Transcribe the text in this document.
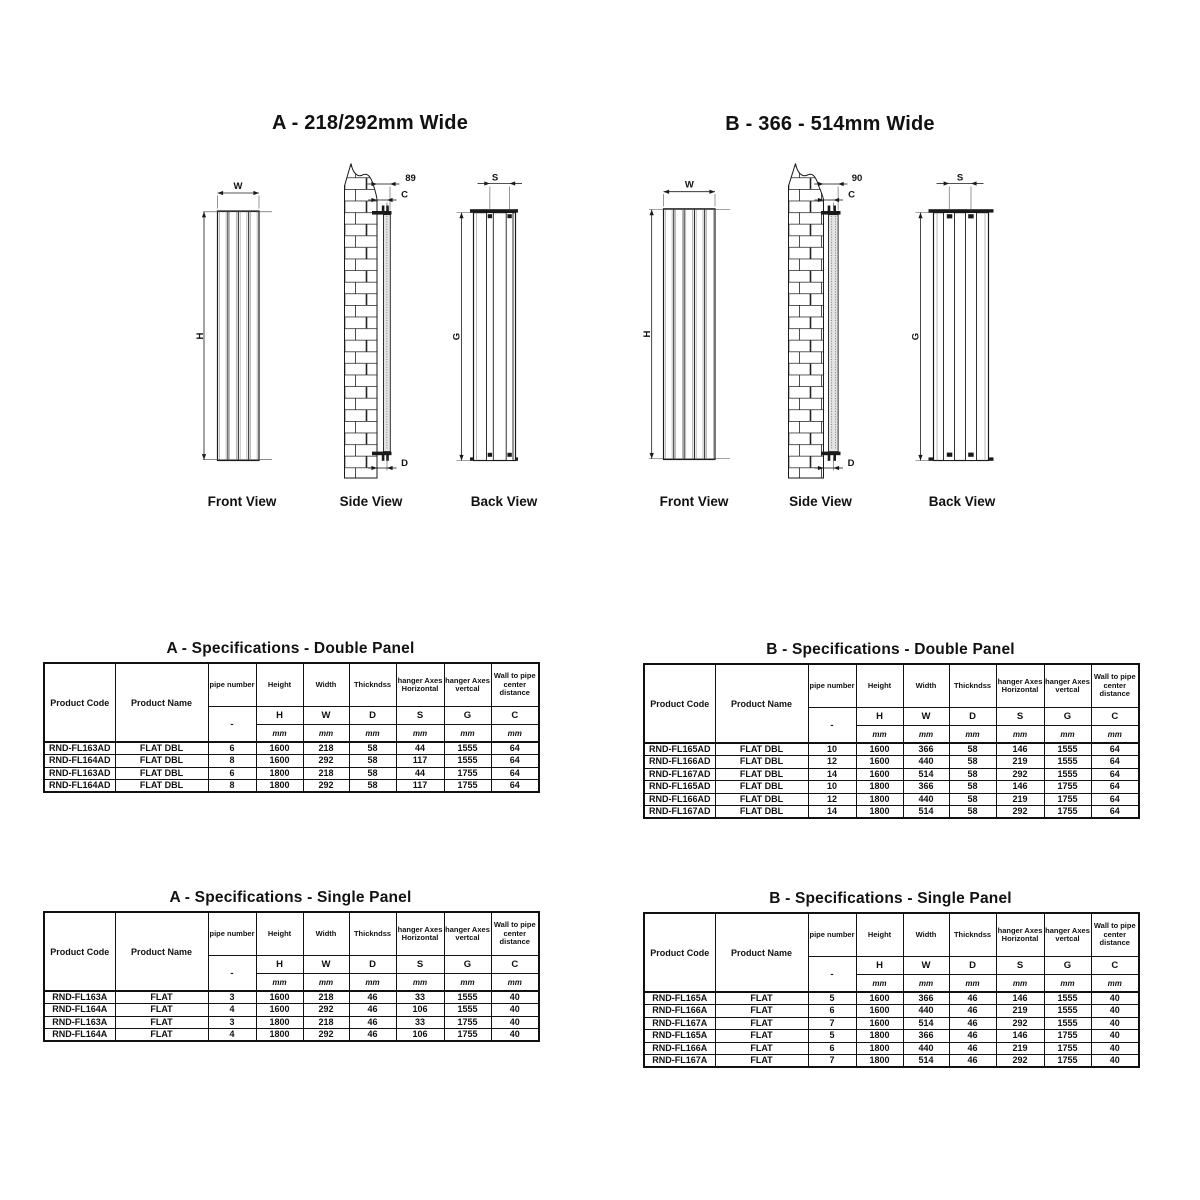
A - 218/292mm Wide	B - 366 - 514mm Wide
W
H
89
C
D
S
G
Front View	Side View	Back View
W
H
90
C
D
S
G
Front View	Side View	Back View
A - Specifications - Double Panel
Product Code	Product Name	pipe number	Height	Width	Thickndss	hanger Axes Horizontal	hanger Axes vertcal	Wall to pipe center distance
		-	H	W	D	S	G	C
			mm	mm	mm	mm	mm	mm
RND-FL163AD	FLAT DBL	6	1600	218	58	44	1555	64
RND-FL164AD	FLAT DBL	8	1600	292	58	117	1555	64
RND-FL163AD	FLAT DBL	6	1800	218	58	44	1755	64
RND-FL164AD	FLAT DBL	8	1800	292	58	117	1755	64
B - Specifications - Double Panel
Product Code	Product Name	pipe number	Height	Width	Thickndss	hanger Axes Horizontal	hanger Axes vertcal	Wall to pipe center distance
		-	H	W	D	S	G	C
			mm	mm	mm	mm	mm	mm
RND-FL165AD	FLAT DBL	10	1600	366	58	146	1555	64
RND-FL166AD	FLAT DBL	12	1600	440	58	219	1555	64
RND-FL167AD	FLAT DBL	14	1600	514	58	292	1555	64
RND-FL165AD	FLAT DBL	10	1800	366	58	146	1755	64
RND-FL166AD	FLAT DBL	12	1800	440	58	219	1755	64
RND-FL167AD	FLAT DBL	14	1800	514	58	292	1755	64
A - Specifications - Single Panel
Product Code	Product Name	pipe number	Height	Width	Thickndss	hanger Axes Horizontal	hanger Axes vertcal	Wall to pipe center distance
		-	H	W	D	S	G	C
			mm	mm	mm	mm	mm	mm
RND-FL163A	FLAT	3	1600	218	46	33	1555	40
RND-FL164A	FLAT	4	1600	292	46	106	1555	40
RND-FL163A	FLAT	3	1800	218	46	33	1755	40
RND-FL164A	FLAT	4	1800	292	46	106	1755	40
B - Specifications - Single Panel
Product Code	Product Name	pipe number	Height	Width	Thickndss	hanger Axes Horizontal	hanger Axes vertcal	Wall to pipe center distance
		-	H	W	D	S	G	C
			mm	mm	mm	mm	mm	mm
RND-FL165A	FLAT	5	1600	366	46	146	1555	40
RND-FL166A	FLAT	6	1600	440	46	219	1555	40
RND-FL167A	FLAT	7	1600	514	46	292	1555	40
RND-FL165A	FLAT	5	1800	366	46	146	1755	40
RND-FL166A	FLAT	6	1800	440	46	219	1755	40
RND-FL167A	FLAT	7	1800	514	46	292	1755	40
